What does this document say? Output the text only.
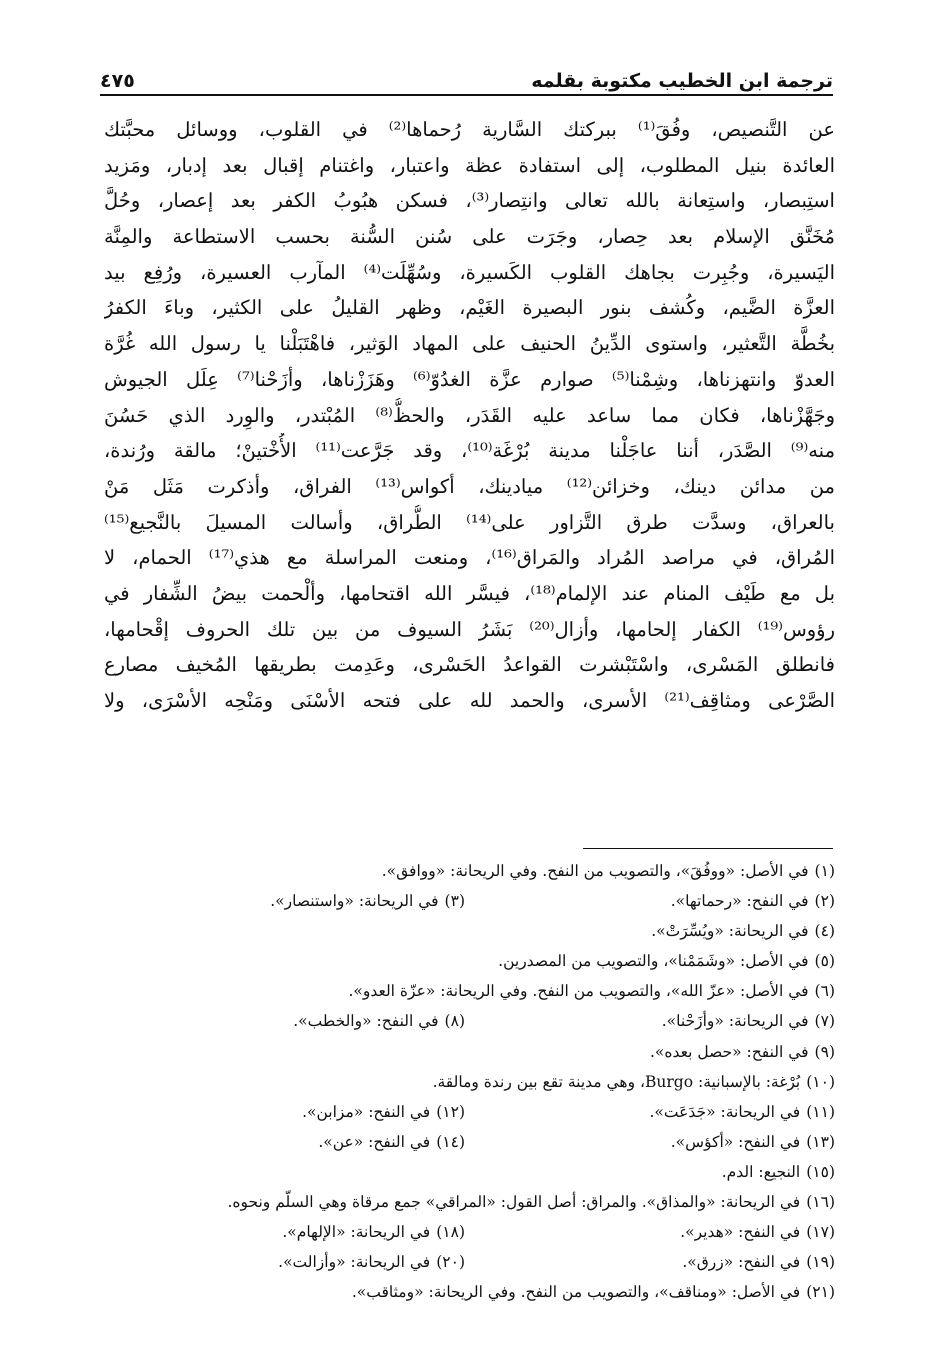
ترجمة ابن الخطيب مكتوبة بقلمه
٤٧٥
عن التَّنصيص، وفُقَ⁽¹⁾ ببركتك السَّارية رُحماها⁽²⁾ في القلوب، ووسائل محبَّتك
العائدة بنيل المطلوب، إلى استفادة عظة واعتبار، واغتنام إقبال بعد إدبار، ومَزيد
استِبصار، واستِعانة بالله تعالى وانتِصار⁽³⁾، فسكن هبُوبُ الكفر بعد إعصار، وحُلَّ
مُخَنَّق الإسلام بعد حِصار، وجَرَت على سُنن السُّنة بحسب الاستطاعة والمِنَّة
اليَسيرة، وجُبِرت بجاهك القلوب الكَسيرة، وسُهِّلَت⁽⁴⁾ المآرب العسيرة، ورُفِع بيد
العزَّة الضَّيم، وكُشف بنور البصيرة الغَيْم، وظهر القليلُ على الكثير، وباءَ الكفرُ
بخُطَّة التَّعثير، واستوى الدِّينُ الحنيف على المهاد الوَثير، فاهْتَبَلْنا يا رسول الله غُرَّة
العدوّ وانتهزناها، وشِمْنا⁽⁵⁾ صوارم عزَّة الغدُوّ⁽⁶⁾ وهَزَزْناها، وأزَحْنا⁽⁷⁾ عِلَل الجيوش
وجَهَّزْناها، فكان مما ساعد عليه القَدَر، والحظُّ⁽⁸⁾ المُبْتدر، والوِرد الذي حَسُنَ
منه⁽⁹⁾ الصَّدَر، أننا عاجَلْنا مدينة بُرْغَة⁽¹⁰⁾، وقد جَرَّعت⁽¹¹⁾ الأُخْتينْ؛ مالقة ورُندة،
من مدائن دينك، وخزائن⁽¹²⁾ ميادينك، أكواس⁽¹³⁾ الفراق، وأذكرت مَثَل مَنْ
بالعراق، وسدَّت طرق التَّزاور على⁽¹⁴⁾ الطُّراق، وأسالت المسيلَ بالنَّجيع⁽¹⁵⁾
المُراق، في مراصد المُراد والمَراق⁽¹⁶⁾، ومنعت المراسلة مع هذي⁽¹⁷⁾ الحمام، لا
بل مع طَيْف المنام عند الإلمام⁽¹⁸⁾، فيسَّر الله اقتحامها، وألْحمت بيضُ الشِّفار في
رؤوس⁽¹⁹⁾ الكفار إلحامها، وأزال⁽²⁰⁾ بَشَرُ السيوف من بين تلك الحروف إقْحامها،
فانطلق المَسْرى، واسْتَبْشرت القواعدُ الحَسْرى، وعَدِمت بطريقها المُخيف مصارع
الصَّرْعى ومثاقِف⁽²¹⁾ الأسرى، والحمد لله على فتحه الأسْنَى ومَنْحِه الأسْرَى، ولا
(١)
في الأصل: «ووفُقَ»، والتصويب من النفح. وفي الريحانة: «ووافق».
(٢)
في النفح: «رحماتها».
(٣)
في الريحانة: «واستنصار».
(٤)
في الريحانة: «ويُسِّرَتْ».
(٥)
في الأصل: «وشَمَمْنا»، والتصويب من المصدرين.
(٦)
في الأصل: «عزّ الله»، والتصويب من النفح. وفي الريحانة: «عزّة العدو».
(٧)
في الريحانة: «وأزَحْنا».
(٨)
في النفح: «والخطب».
(٩)
في النفح: «حصل بعده».
(١٠)
بُرْغة: بالإسبانية: Burgo، وهي مدينة تقع بين رندة ومالقة.
(١١)
في الريحانة: «جَدَعَت».
(١٢)
في النفح: «مزابن».
(١٣)
في النفح: «أكؤس».
(١٤)
في النفح: «عن».
(١٥)
النجيع: الدم.
(١٦)
في الريحانة: «والمذاق». والمراق: أصل القول: «المراقي» جمع مرقاة وهي السلّم ونحوه.
(١٧)
في النفح: «هدير».
(١٨)
في الريحانة: «الإلهام».
(١٩)
في النفح: «زرق».
(٢٠)
في الريحانة: «وأزالت».
(٢١)
في الأصل: «ومناقف»، والتصويب من النفح. وفي الريحانة: «ومثاقب».
